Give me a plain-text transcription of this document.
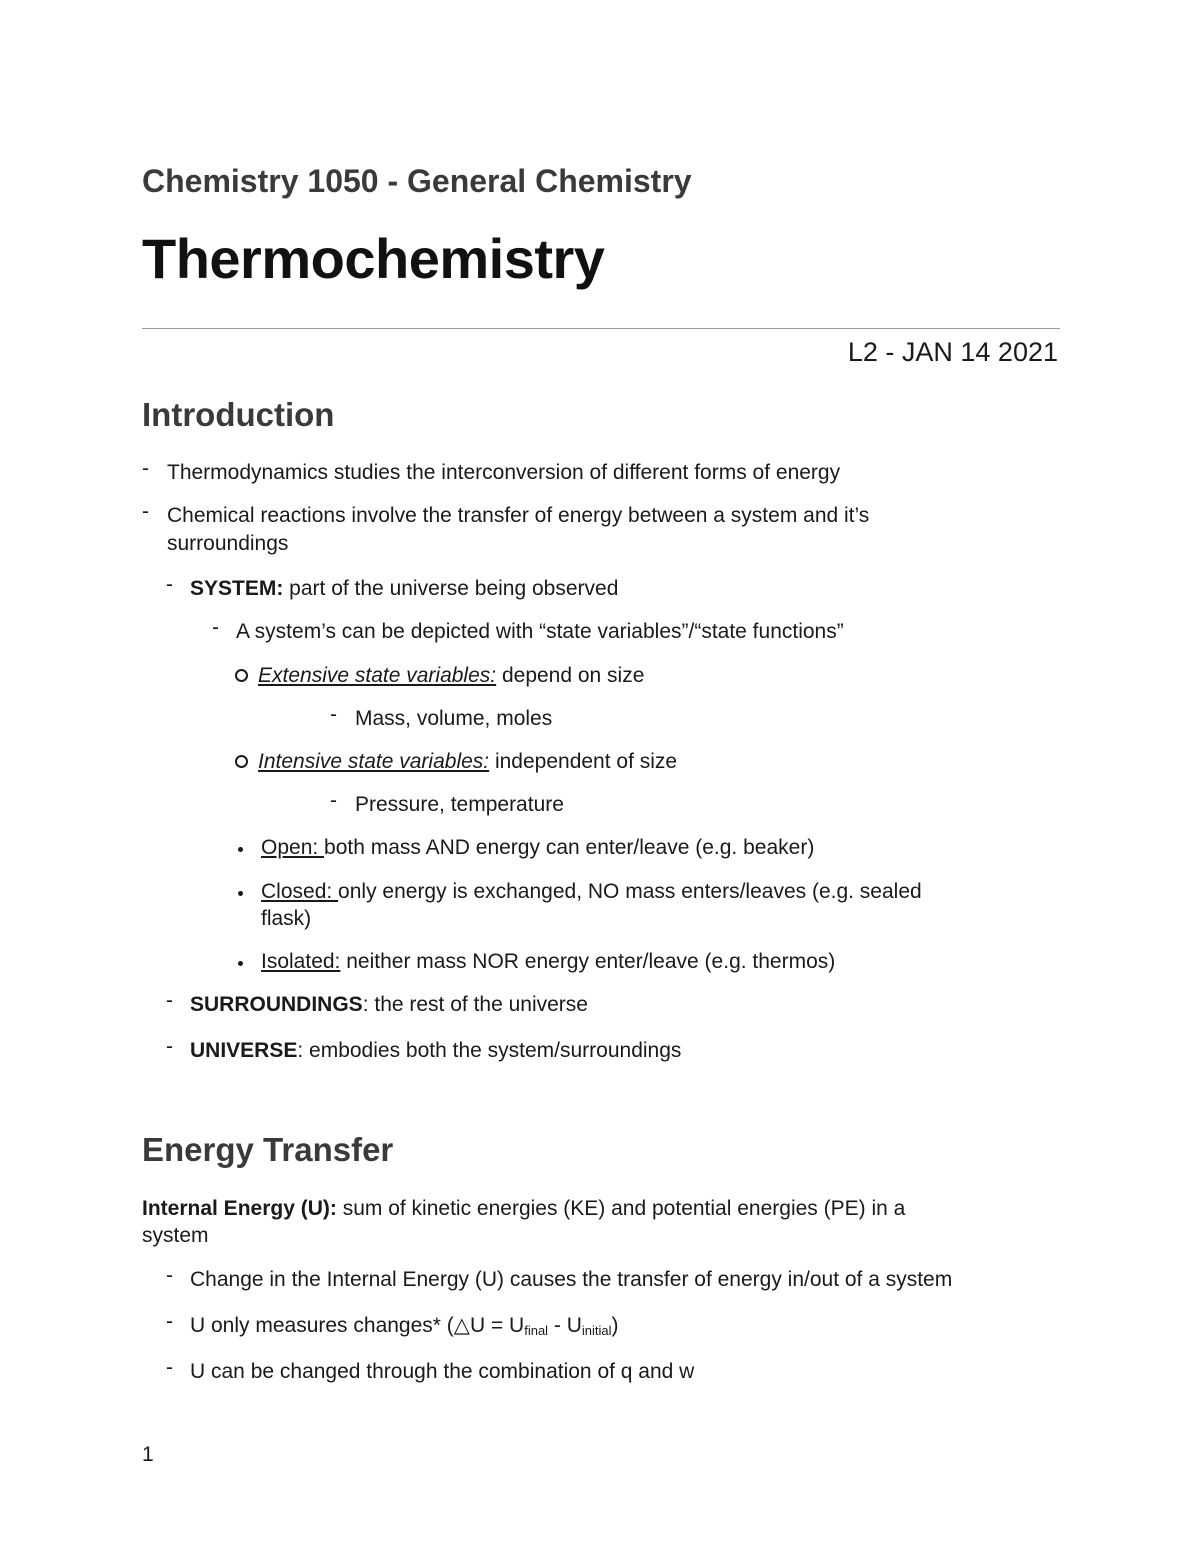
Chemistry 1050 - General Chemistry
Thermochemistry
L2 - JAN 14 2021
Introduction
- Thermodynamics studies the interconversion of different forms of energy
- Chemical reactions involve the transfer of energy between a system and it’s
surroundings
- SYSTEM: part of the universe being observed
- A system’s can be depicted with “state variables”/“state functions”
Extensive state variables: depend on size
- Mass, volume, moles
Intensive state variables: independent of size
- Pressure, temperature
Open: both mass AND energy can enter/leave (e.g. beaker)
Closed: only energy is exchanged, NO mass enters/leaves (e.g. sealed
flask)
Isolated: neither mass NOR energy enter/leave (e.g. thermos)
- SURROUNDINGS: the rest of the universe
- UNIVERSE: embodies both the system/surroundings
Energy Transfer
Internal Energy (U): sum of kinetic energies (KE) and potential energies (PE) in a
system
- Change in the Internal Energy (U) causes the transfer of energy in/out of a system
- U only measures changes* (△U = $U_{final} - U_{initial}$)
- U can be changed through the combination of q and w
1
